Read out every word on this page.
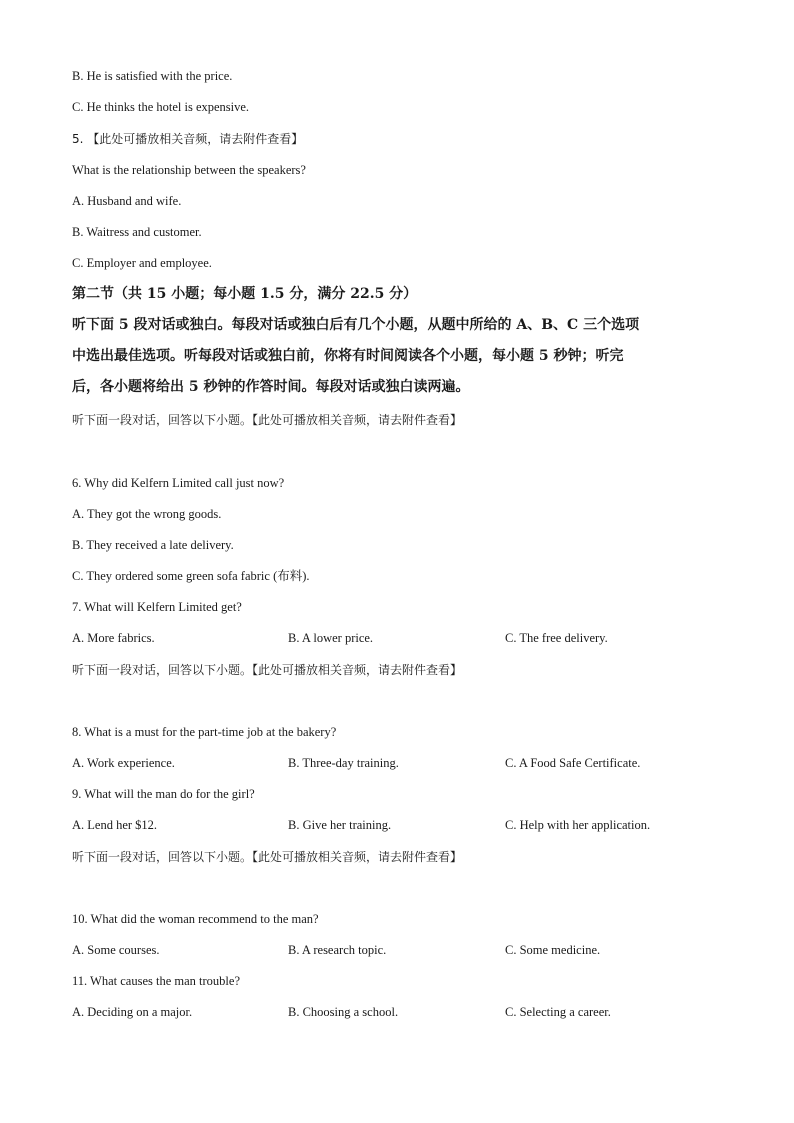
B. He is satisfied with the price.
C. He thinks the hotel is expensive.
5. 【此处可播放相关音频，请去附件查看】
What is the relationship between the speakers?
A. Husband and wife.
B. Waitress and customer.
C. Employer and employee.
第二节（共 15 小题；每小题 1.5 分，满分 22.5 分）
听下面 5 段对话或独白。每段对话或独白后有几个小题，从题中所给的 A、B、C 三个选项
中选出最佳选项。听每段对话或独白前，你将有时间阅读各个小题，每小题 5 秒钟；听完
后，各小题将给出 5 秒钟的作答时间。每段对话或独白读两遍。
听下面一段对话，回答以下小题。【此处可播放相关音频，请去附件查看】
6. Why did Kelfern Limited call just now?
A. They got the wrong goods.
B. They received a late delivery.
C. They ordered some green sofa fabric (布料).
7. What will Kelfern Limited get?
A. More fabrics.	B. A lower price.	C. The free delivery.
听下面一段对话，回答以下小题。【此处可播放相关音频，请去附件查看】
8. What is a must for the part-time job at the bakery?
A. Work experience.	B. Three-day training.	C. A Food Safe Certificate.
9. What will the man do for the girl?
A. Lend her $12.	B. Give her training.	C. Help with her application.
听下面一段对话，回答以下小题。【此处可播放相关音频，请去附件查看】
10. What did the woman recommend to the man?
A. Some courses.	B. A research topic.	C. Some medicine.
11. What causes the man trouble?
A. Deciding on a major.	B. Choosing a school.	C. Selecting a career.
